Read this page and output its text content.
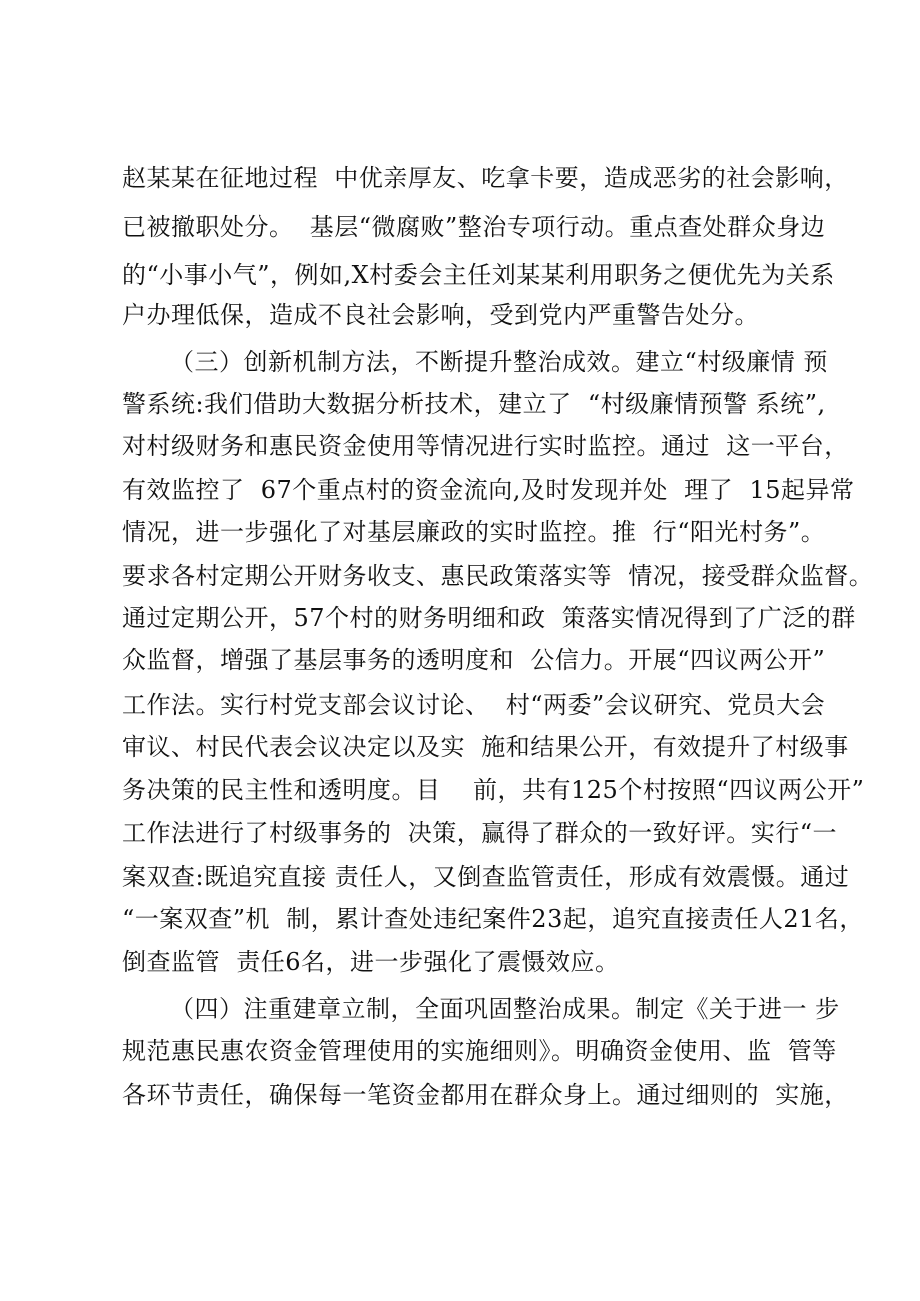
赵某某在征地过程  中优亲厚友、吃拿卡要，造成恶劣的社会影响，
已被撤职处分。  基层“微腐败”整治专项行动。重点查处群众身边
的“小事小气”，例如,X村委会主任刘某某利用职务之便优先为关系
户办理低保，造成不良社会影响，受到党内严重警告处分。
（三）创新机制方法，不断提升整治成效。建立“村级廉情 预
警系统:我们借助大数据分析技术，建立了  “村级廉情预警 系统”,
对村级财务和惠民资金使用等情况进行实时监控。通过  这一平台，
有效监控了  67个重点村的资金流向,及时发现并处  理了  15起异常
情况，进一步强化了对基层廉政的实时监控。推  行“阳光村务”。
要求各村定期公开财务收支、惠民政策落实等  情况，接受群众监督。
通过定期公开，57个村的财务明细和政  策落实情况得到了广泛的群
众监督，增强了基层事务的透明度和  公信力。开展“四议两公开”
工作法。实行村党支部会议讨论、  村“两委”会议研究、党员大会
审议、村民代表会议决定以及实  施和结果公开，有效提升了村级事
务决策的民主性和透明度。目    前，共有125个村按照“四议两公开”
工作法进行了村级事务的  决策，赢得了群众的一致好评。实行“一
案双查:既追究直接 责任人，又倒查监管责任，形成有效震慑。通过
“一案双查”机  制，累计查处违纪案件23起，追究直接责任人21名，
倒查监管  责任6名，进一步强化了震慑效应。
（四）注重建章立制，全面巩固整治成果。制定《关于进一 步
规范惠民惠农资金管理使用的实施细则》。明确资金使用、监  管等
各环节责任，确保每一笔资金都用在群众身上。通过细则的  实施，
